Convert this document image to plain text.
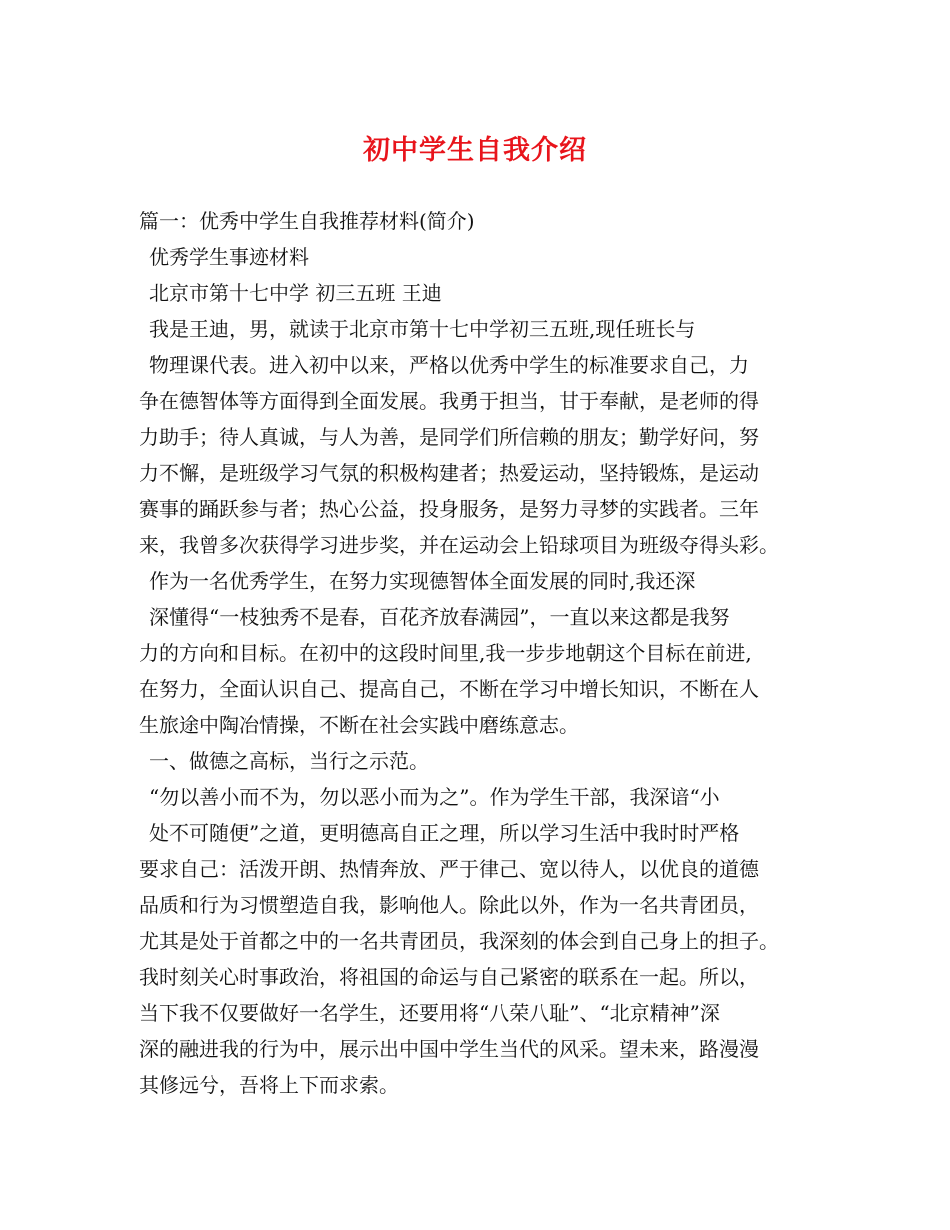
初中学生自我介绍
篇一：优秀中学生自我推荐材料(简介)
优秀学生事迹材料
北京市第十七中学 初三五班 王迪
我是王迪，男，就读于北京市第十七中学初三五班,现任班长与
物理课代表。进入初中以来，严格以优秀中学生的标准要求自己，力
争在德智体等方面得到全面发展。我勇于担当，甘于奉献，是老师的得
力助手；待人真诚，与人为善，是同学们所信赖的朋友；勤学好问，努
力不懈，是班级学习气氛的积极构建者；热爱运动，坚持锻炼，是运动
赛事的踊跃参与者；热心公益，投身服务，是努力寻梦的实践者。三年
来，我曾多次获得学习进步奖，并在运动会上铅球项目为班级夺得头彩。
作为一名优秀学生，在努力实现德智体全面发展的同时,我还深
深懂得“一枝独秀不是春，百花齐放春满园”，一直以来这都是我努
力的方向和目标。在初中的这段时间里,我一步步地朝这个目标在前进,
在努力，全面认识自己、提高自己，不断在学习中增长知识，不断在人
生旅途中陶冶情操，不断在社会实践中磨练意志。
一、做德之高标，当行之示范。
“勿以善小而不为，勿以恶小而为之”。作为学生干部，我深谙“小
处不可随便”之道，更明德高自正之理，所以学习生活中我时时严格
要求自己：活泼开朗、热情奔放、严于律己、宽以待人，以优良的道德
品质和行为习惯塑造自我，影响他人。除此以外，作为一名共青团员，
尤其是处于首都之中的一名共青团员，我深刻的体会到自己身上的担子。
我时刻关心时事政治，将祖国的命运与自己紧密的联系在一起。所以，
当下我不仅要做好一名学生，还要用将“八荣八耻”、“北京精神”深
深的融进我的行为中，展示出中国中学生当代的风采。望未来，路漫漫
其修远兮，吾将上下而求索。
